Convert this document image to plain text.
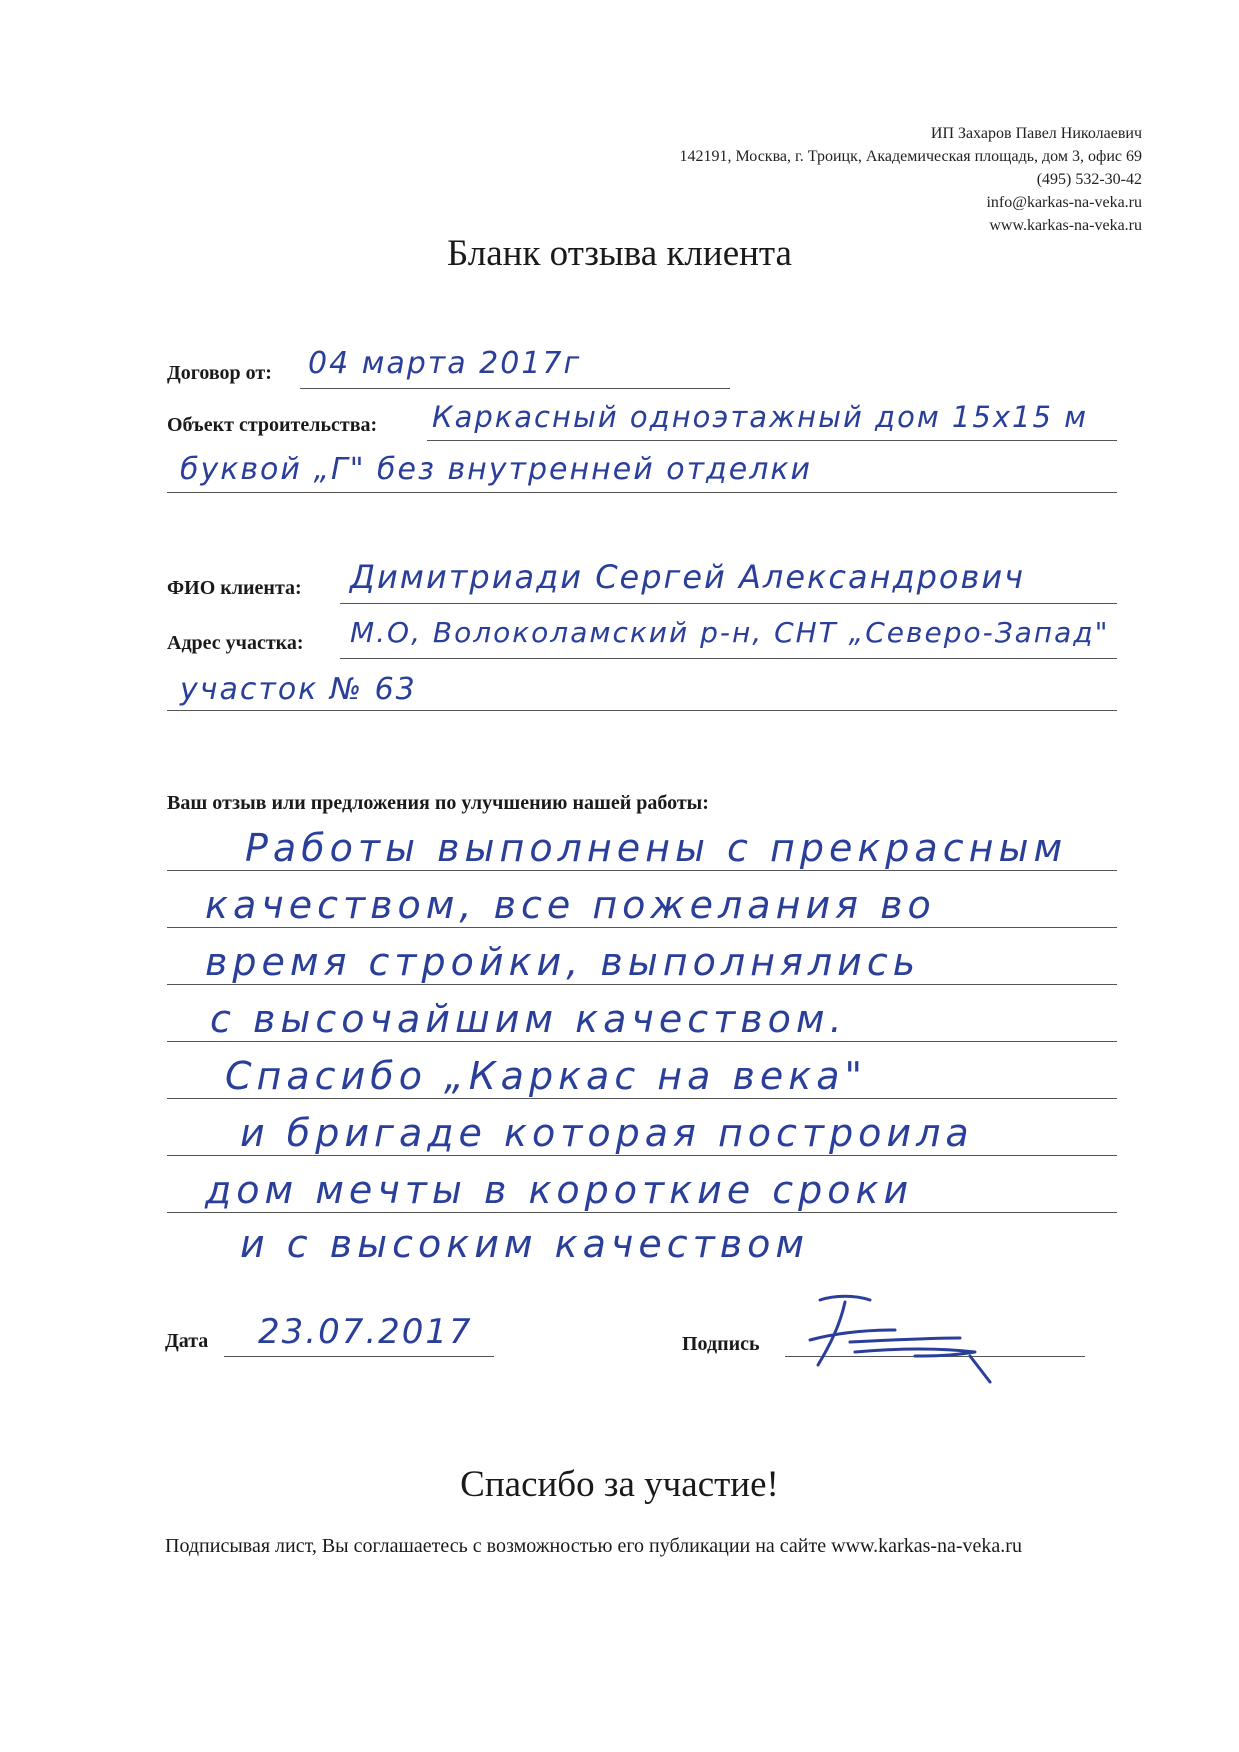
ИП Захаров Павел Николаевич
142191, Москва, г. Троицк, Академическая площадь, дом 3, офис 69
(495) 532-30-42
info@karkas-na-veka.ru
www.karkas-na-veka.ru
Бланк отзыва клиента
Договор от: 04 марта 2017г
Объект строительства: Каркасный одноэтажный дом 15х15 м
буквой „Г" без внутренней отделки
ФИО клиента: Димитриади Сергей Александрович
Адрес участка: М.О, Волоколамский р-н, СНТ „Северо-Запад"
участок № 63
Ваш отзыв или предложения по улучшению нашей работы:
Работы выполнены с прекрасным
качеством, все пожелания во
время стройки, выполнялись
с высочайшим качеством.
Спасибо „Каркас на века"
и бригаде которая построила
дом мечты в короткие сроки
и с высоким качеством
Дата 23.07.2017	Подпись
Спасибо за участие!
Подписывая лист, Вы соглашаетесь с возможностью его публикации на сайте www.karkas-na-veka.ru
